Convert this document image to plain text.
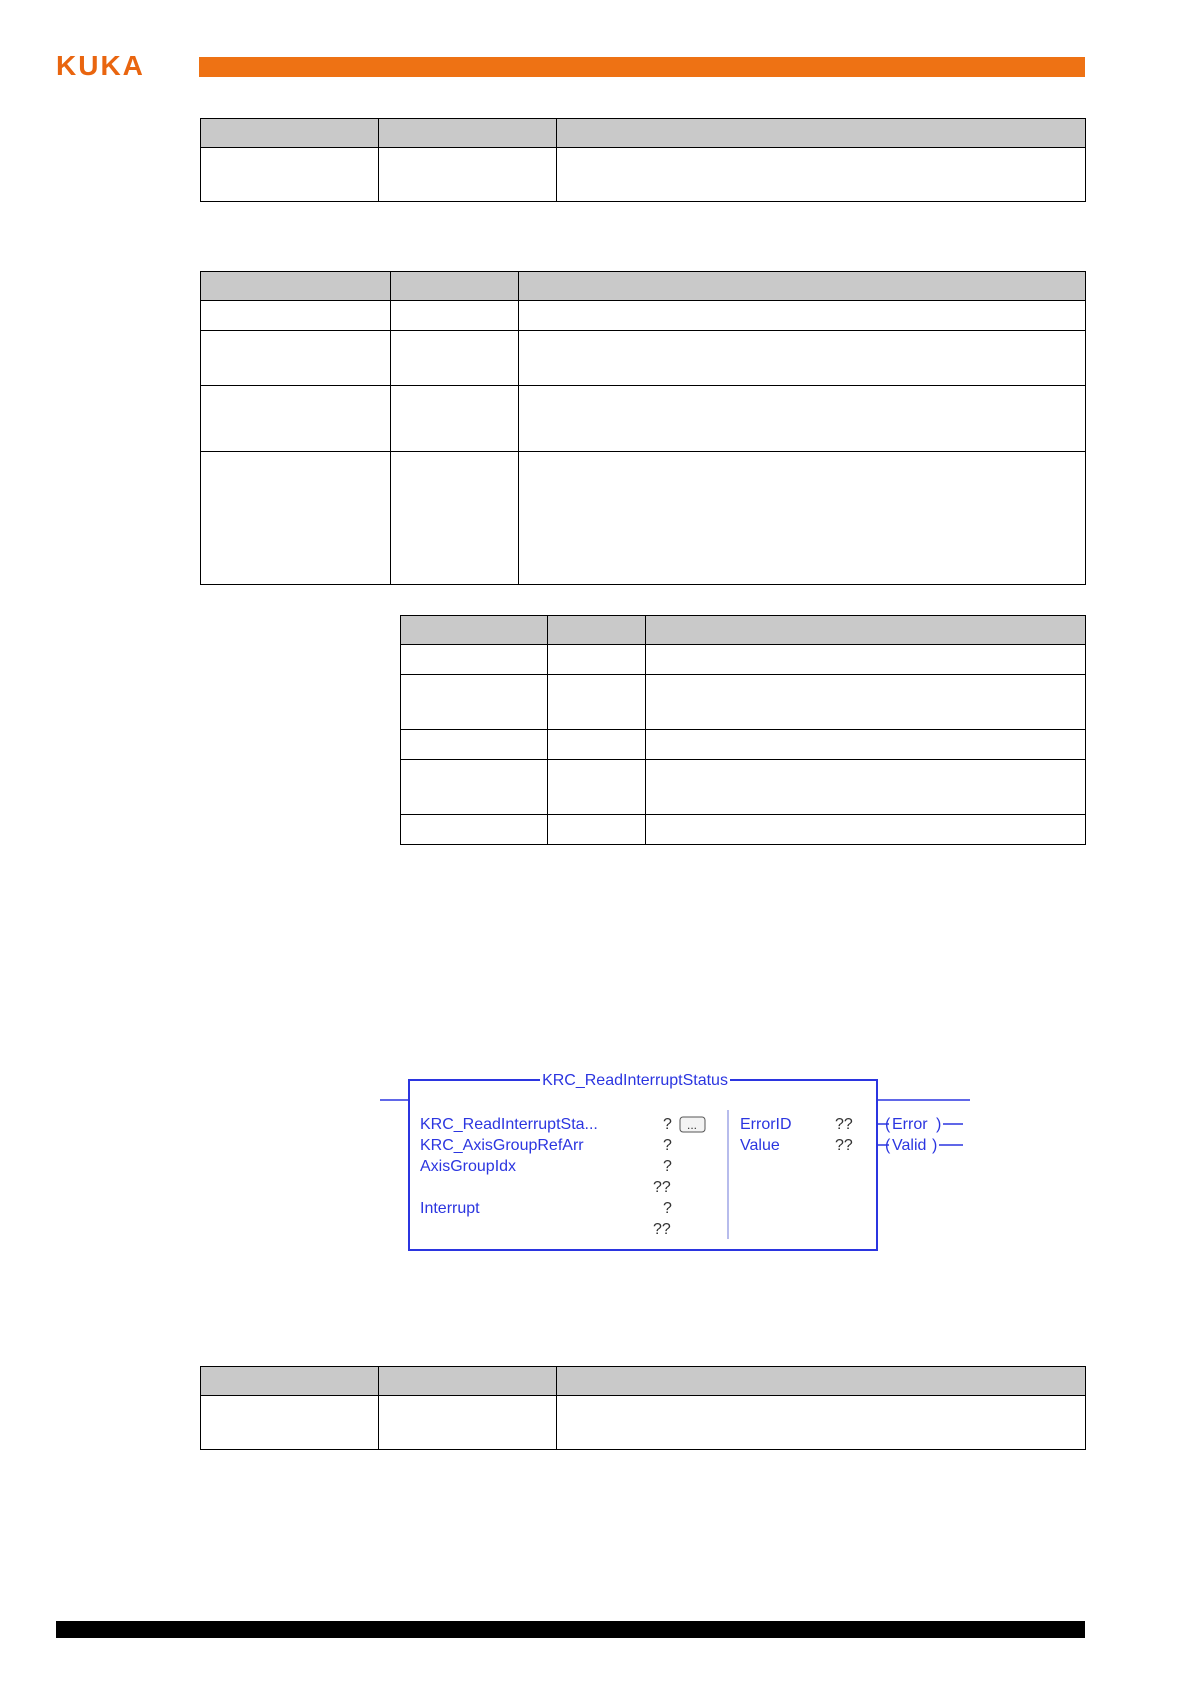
KUKA

KRC_ReadInterruptStatus
KRC_ReadInterruptSta...	? ...
KRC_AxisGroupRefArr	?
AxisGroupIdx	?
??
Interrupt	?
??
ErrorID	??
Value	??
( Error )
( Valid )
